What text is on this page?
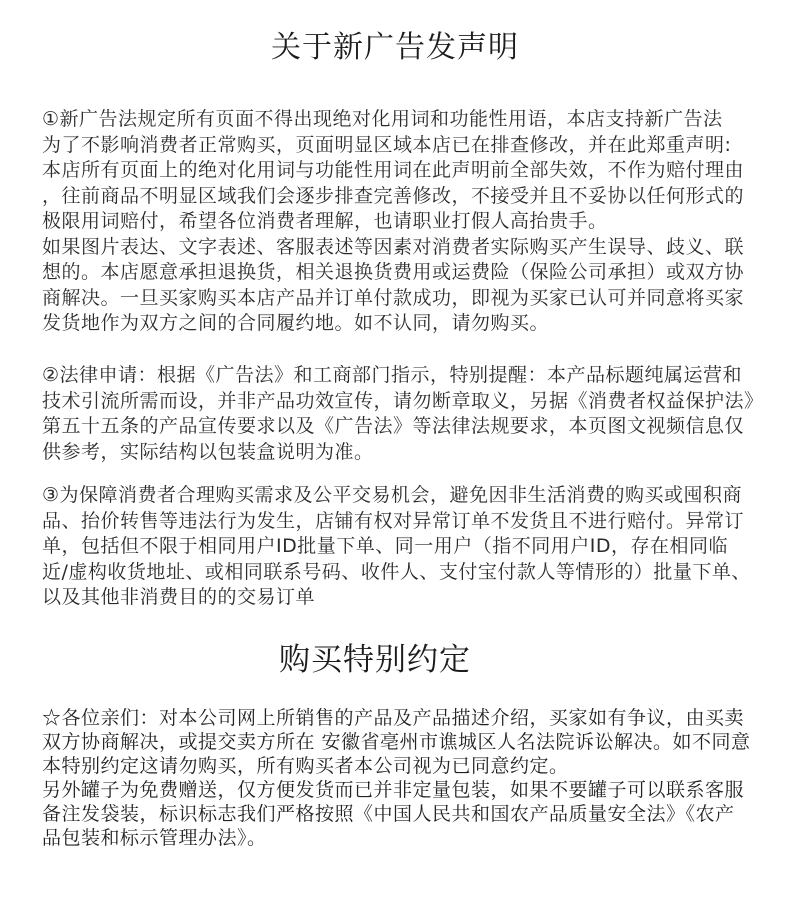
关于新广告发声明
①新广告法规定所有页面不得出现绝对化用词和功能性用语，本店支持新广告法
为了不影响消费者正常购买，页面明显区域本店已在排查修改，并在此郑重声明:
本店所有页面上的绝对化用词与功能性用词在此声明前全部失效，不作为赔付理由
，往前商品不明显区域我们会逐步排查完善修改，不接受并且不妥协以任何形式的
极限用词赔付，希望各位消费者理解，也请职业打假人高抬贵手。
如果图片表达、文字表述、客服表述等因素对消费者实际购买产生误导、歧义、联
想的。本店愿意承担退换货，相关退换货费用或运费险（保险公司承担）或双方协
商解决。一旦买家购买本店产品并订单付款成功，即视为买家已认可并同意将买家
发货地作为双方之间的合同履约地。如不认同，请勿购买。
②法律申请：根据《广告法》和工商部门指示，特别提醒：本产品标题纯属运营和
技术引流所需而设，并非产品功效宣传，请勿断章取义，另据《消费者权益保护法》
第五十五条的产品宣传要求以及《广告法》等法律法规要求，本页图文视频信息仅
供参考，实际结构以包装盒说明为准。
③为保障消费者合理购买需求及公平交易机会，避免因非生活消费的购买或囤积商
品、抬价转售等违法行为发生，店铺有权对异常订单不发货且不进行赔付。异常订
单，包括但不限于相同用户ID批量下单、同一用户（指不同用户ID，存在相同临
近/虚构收货地址、或相同联系号码、收件人、支付宝付款人等情形的）批量下单、
以及其他非消费目的的交易订单
购买特别约定
☆各位亲们：对本公司网上所销售的产品及产品描述介绍，买家如有争议，由买卖
双方协商解决，或提交卖方所在 安徽省亳州市谯城区人名法院诉讼解决。如不同意
本特别约定这请勿购买，所有购买者本公司视为已同意约定。
另外罐子为免费赠送，仅方便发货而已并非定量包装，如果不要罐子可以联系客服
备注发袋装，标识标志我们严格按照《中国人民共和国农产品质量安全法》《农产
品包装和标示管理办法》。
